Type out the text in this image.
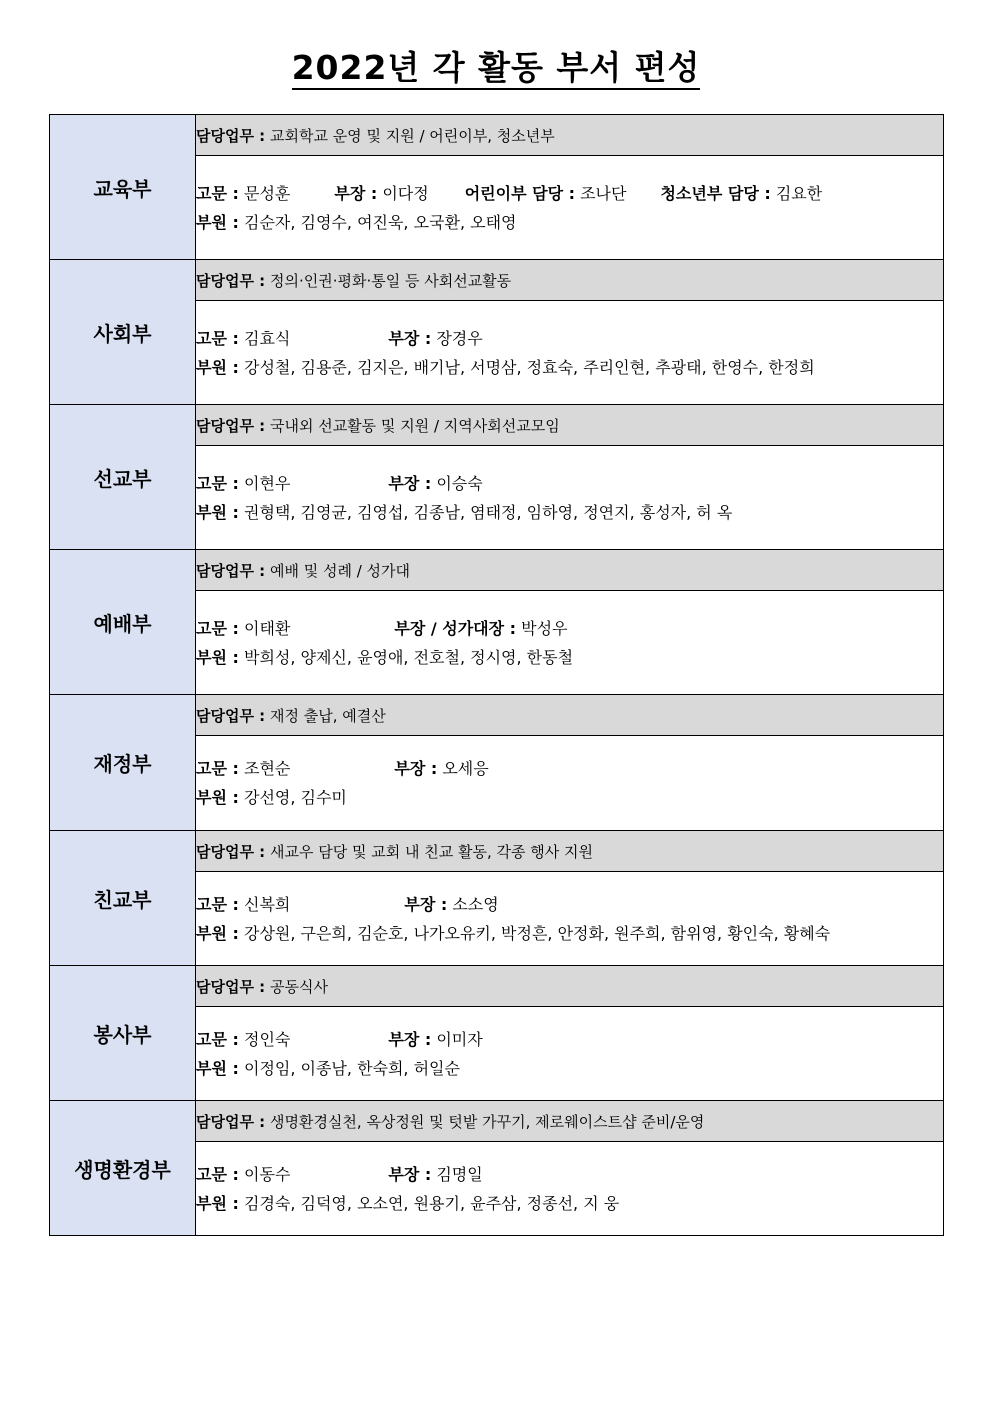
2022년 각 활동 부서 편성
교육부	담당업무 : 교회학교 운영 및 지원 / 어린이부, 청소년부

	고문 : 문성훈 부장 : 이다정 어린이부 담당 : 조나단 청소년부 담당 : 김요한
부원 : 김순자, 김영수, 여진욱, 오국환, 오태영

사회부	담당업무 : 정의·인권·평화·통일 등 사회선교활동

	고문 : 김효식 부장 : 장경우
부원 : 강성철, 김용준, 김지은, 배기남, 서명삼, 정효숙, 주리인현, 추광태, 한영수, 한정희

선교부	담당업무 : 국내외 선교활동 및 지원 / 지역사회선교모임

	고문 : 이현우 부장 : 이승숙
부원 : 권형택, 김영균, 김영섭, 김종남, 염태정, 임하영, 정연지, 홍성자, 허 옥

예배부	담당업무 : 예배 및 성례 / 성가대

	고문 : 이태환 부장 / 성가대장 : 박성우
부원 : 박희성, 양제신, 윤영애, 전호철, 정시영, 한동철

재정부	담당업무 : 재정 출납, 예결산

	고문 : 조현순 부장 : 오세응
부원 : 강선영, 김수미

친교부	담당업무 : 새교우 담당 및 교회 내 친교 활동, 각종 행사 지원

	고문 : 신복희 부장 : 소소영
부원 : 강상원, 구은희, 김순호, 나가오유키, 박정흔, 안정화, 원주희, 함위영, 황인숙, 황혜숙

봉사부	담당업무 : 공동식사

	고문 : 정인숙 부장 : 이미자
부원 : 이정임, 이종남, 한숙희, 허일순

생명환경부	담당업무 : 생명환경실천, 옥상정원 및 텃밭 가꾸기, 제로웨이스트샵 준비/운영

	고문 : 이동수 부장 : 김명일
부원 : 김경숙, 김덕영, 오소연, 원용기, 윤주삼, 정종선, 지 웅
